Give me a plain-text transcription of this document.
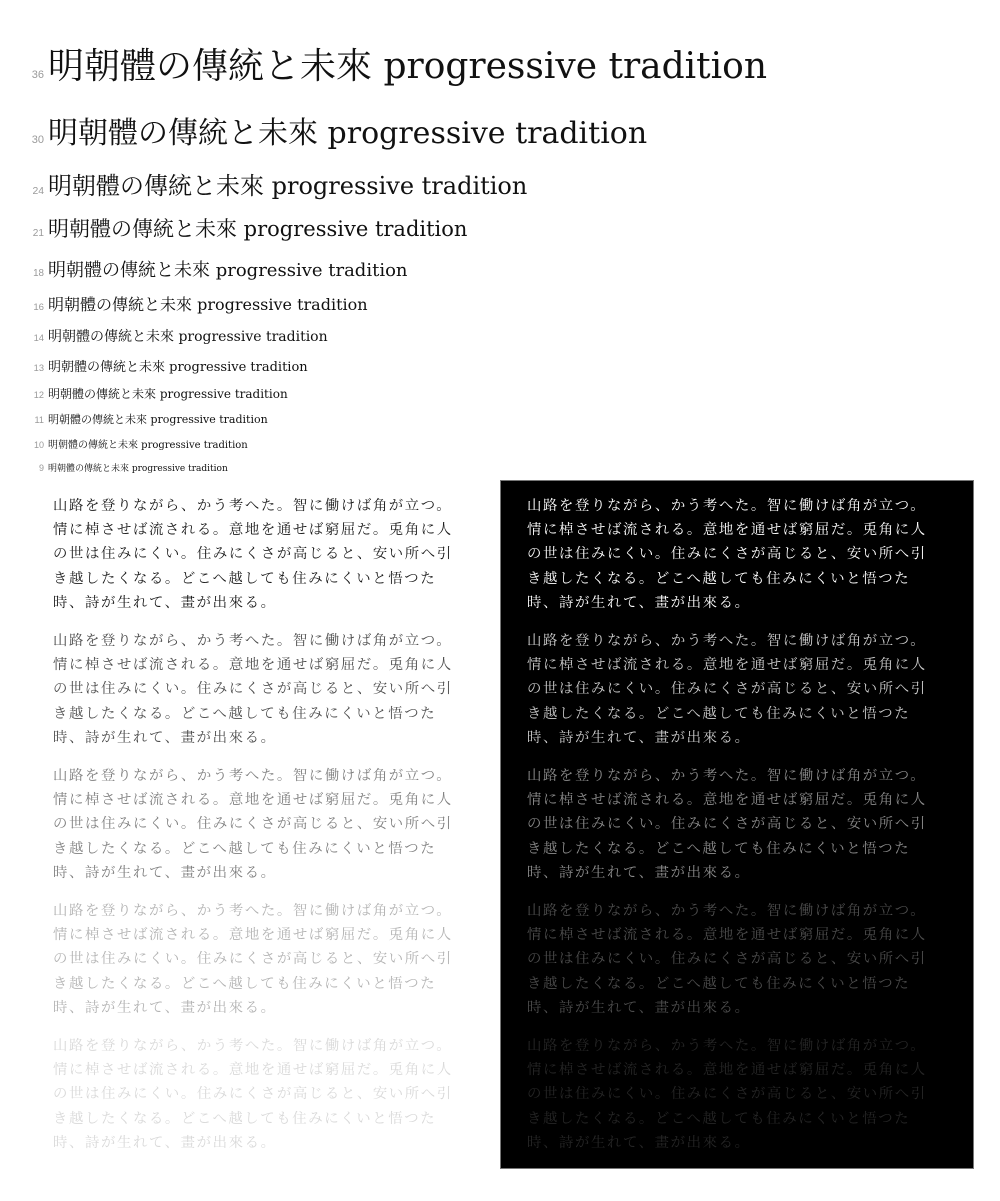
36 明朝體の傳統と未來 progressive tradition
30 明朝體の傳統と未來 progressive tradition
24 明朝體の傳統と未來 progressive tradition
21 明朝體の傳統と未來 progressive tradition
18 明朝體の傳統と未來 progressive tradition
16 明朝體の傳統と未來 progressive tradition
14 明朝體の傳統と未來 progressive tradition
13 明朝體の傳統と未來 progressive tradition
12 明朝體の傳統と未來 progressive tradition
11 明朝體の傳統と未來 progressive tradition
10 明朝體の傳統と未來 progressive tradition
9 明朝體の傳統と未來 progressive tradition

山路を登りながら、かう考へた。智に働けば角が立つ。情に棹させば流される。意地を通せば窮屈だ。兎角に人の世は住みにくい。住みにくさが高じると、安い所へ引き越したくなる。どこへ越しても住みにくいと悟つた時、詩が生れて、畫が出來る。

山路を登りながら、かう考へた。智に働けば角が立つ。情に棹させば流される。意地を通せば窮屈だ。兎角に人の世は住みにくい。住みにくさが高じると、安い所へ引き越したくなる。どこへ越しても住みにくいと悟つた時、詩が生れて、畫が出來る。

山路を登りながら、かう考へた。智に働けば角が立つ。情に棹させば流される。意地を通せば窮屈だ。兎角に人の世は住みにくい。住みにくさが高じると、安い所へ引き越したくなる。どこへ越しても住みにくいと悟つた時、詩が生れて、畫が出來る。

山路を登りながら、かう考へた。智に働けば角が立つ。情に棹させば流される。意地を通せば窮屈だ。兎角に人の世は住みにくい。住みにくさが高じると、安い所へ引き越したくなる。どこへ越しても住みにくいと悟つた時、詩が生れて、畫が出來る。

山路を登りながら、かう考へた。智に働けば角が立つ。情に棹させば流される。意地を通せば窮屈だ。兎角に人の世は住みにくい。住みにくさが高じると、安い所へ引き越したくなる。どこへ越しても住みにくいと悟つた時、詩が生れて、畫が出來る。

山路を登りながら、かう考へた。智に働けば角が立つ。情に棹させば流される。意地を通せば窮屈だ。兎角に人の世は住みにくい。住みにくさが高じると、安い所へ引き越したくなる。どこへ越しても住みにくいと悟つた時、詩が生れて、畫が出來る。

山路を登りながら、かう考へた。智に働けば角が立つ。情に棹させば流される。意地を通せば窮屈だ。兎角に人の世は住みにくい。住みにくさが高じると、安い所へ引き越したくなる。どこへ越しても住みにくいと悟つた時、詩が生れて、畫が出來る。

山路を登りながら、かう考へた。智に働けば角が立つ。情に棹させば流される。意地を通せば窮屈だ。兎角に人の世は住みにくい。住みにくさが高じると、安い所へ引き越したくなる。どこへ越しても住みにくいと悟つた時、詩が生れて、畫が出來る。

山路を登りながら、かう考へた。智に働けば角が立つ。情に棹させば流される。意地を通せば窮屈だ。兎角に人の世は住みにくい。住みにくさが高じると、安い所へ引き越したくなる。どこへ越しても住みにくいと悟つた時、詩が生れて、畫が出來る。

山路を登りながら、かう考へた。智に働けば角が立つ。情に棹させば流される。意地を通せば窮屈だ。兎角に人の世は住みにくい。住みにくさが高じると、安い所へ引き越したくなる。どこへ越しても住みにくいと悟つた時、詩が生れて、畫が出來る。
